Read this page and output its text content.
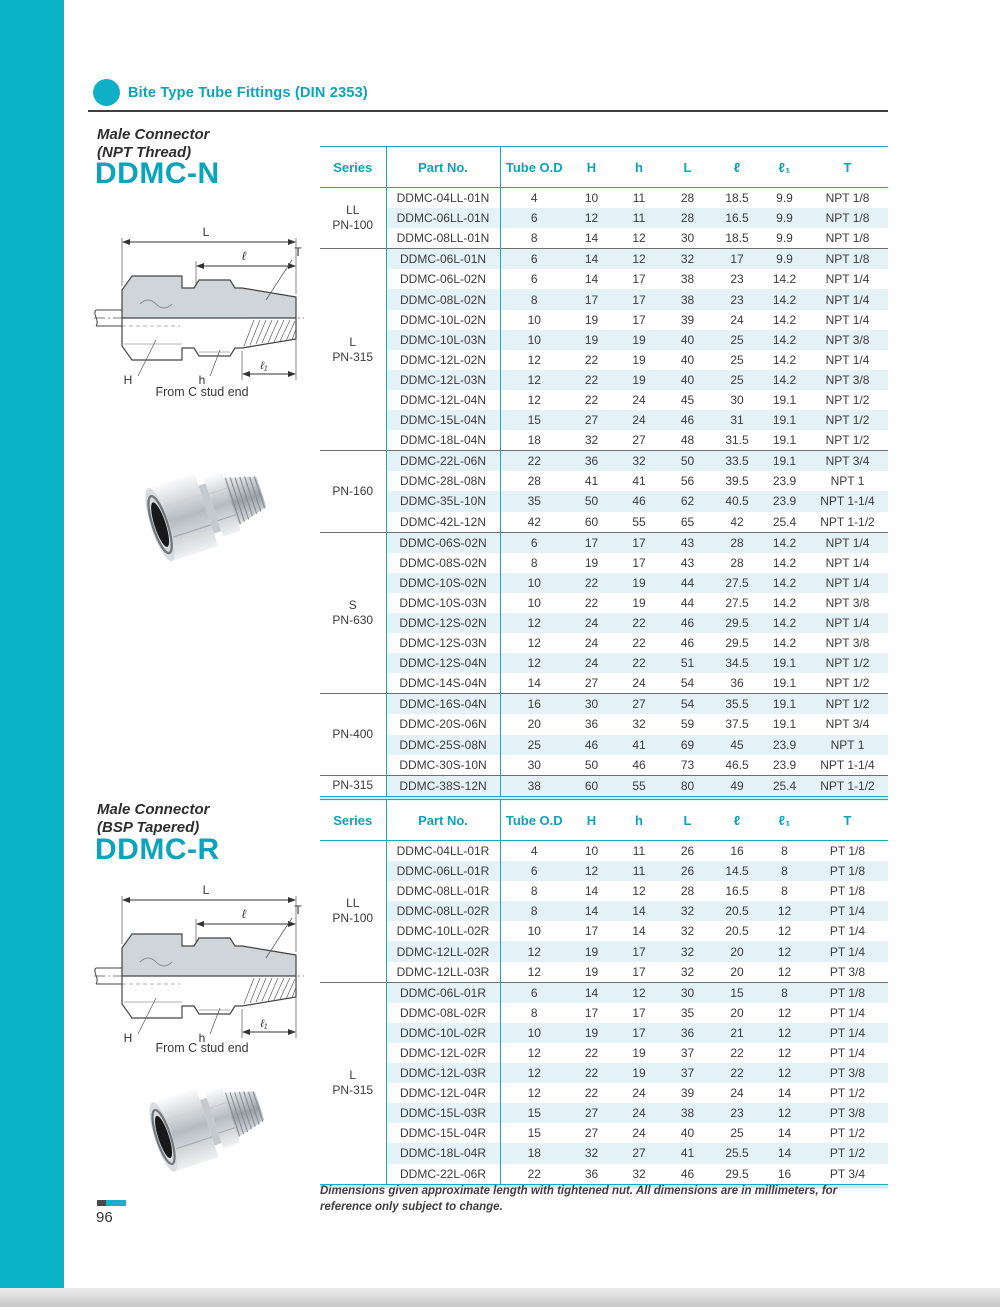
Bite Type Tube Fittings (DIN 2353)
Male Connector
(NPT Thread)
DDMC-N
L
ℓ
ℓ₁
T
H	h
From C stud end
Series	Part No.	Tube O.D	H	h	L	ℓ	ℓ₁	T
LL
PN-100	DDMC-04LL-01N	4	10	11	28	18.5	9.9	NPT 1/8
	DDMC-06LL-01N	6	12	11	28	16.5	9.9	NPT 1/8
	DDMC-08LL-01N	8	14	12	30	18.5	9.9	NPT 1/8
L
PN-315	DDMC-06L-01N	6	14	12	32	17	9.9	NPT 1/8
	DDMC-06L-02N	6	14	17	38	23	14.2	NPT 1/4
	DDMC-08L-02N	8	17	17	38	23	14.2	NPT 1/4
	DDMC-10L-02N	10	19	17	39	24	14.2	NPT 1/4
	DDMC-10L-03N	10	19	19	40	25	14.2	NPT 3/8
	DDMC-12L-02N	12	22	19	40	25	14.2	NPT 1/4
	DDMC-12L-03N	12	22	19	40	25	14.2	NPT 3/8
	DDMC-12L-04N	12	22	24	45	30	19.1	NPT 1/2
	DDMC-15L-04N	15	27	24	46	31	19.1	NPT 1/2
	DDMC-18L-04N	18	32	27	48	31.5	19.1	NPT 1/2
PN-160	DDMC-22L-06N	22	36	32	50	33.5	19.1	NPT 3/4
	DDMC-28L-08N	28	41	41	56	39.5	23.9	NPT 1
	DDMC-35L-10N	35	50	46	62	40.5	23.9	NPT 1-1/4
	DDMC-42L-12N	42	60	55	65	42	25.4	NPT 1-1/2
S
PN-630	DDMC-06S-02N	6	17	17	43	28	14.2	NPT 1/4
	DDMC-08S-02N	8	19	17	43	28	14.2	NPT 1/4
	DDMC-10S-02N	10	22	19	44	27.5	14.2	NPT 1/4
	DDMC-10S-03N	10	22	19	44	27.5	14.2	NPT 3/8
	DDMC-12S-02N	12	24	22	46	29.5	14.2	NPT 1/4
	DDMC-12S-03N	12	24	22	46	29.5	14.2	NPT 3/8
	DDMC-12S-04N	12	24	22	51	34.5	19.1	NPT 1/2
	DDMC-14S-04N	14	27	24	54	36	19.1	NPT 1/2
PN-400	DDMC-16S-04N	16	30	27	54	35.5	19.1	NPT 1/2
	DDMC-20S-06N	20	36	32	59	37.5	19.1	NPT 3/4
	DDMC-25S-08N	25	46	41	69	45	23.9	NPT 1
	DDMC-30S-10N	30	50	46	73	46.5	23.9	NPT 1-1/4
PN-315	DDMC-38S-12N	38	60	55	80	49	25.4	NPT 1-1/2
Male Connector
(BSP Tapered)
DDMC-R
L
ℓ
ℓ₁
T
H	h
From C stud end
Series	Part No.	Tube O.D	H	h	L	ℓ	ℓ₁	T
LL
PN-100	DDMC-04LL-01R	4	10	11	26	16	8	PT 1/8
	DDMC-06LL-01R	6	12	11	26	14.5	8	PT 1/8
	DDMC-08LL-01R	8	14	12	28	16.5	8	PT 1/8
	DDMC-08LL-02R	8	14	14	32	20.5	12	PT 1/4
	DDMC-10LL-02R	10	17	14	32	20.5	12	PT 1/4
	DDMC-12LL-02R	12	19	17	32	20	12	PT 1/4
	DDMC-12LL-03R	12	19	17	32	20	12	PT 3/8
L
PN-315	DDMC-06L-01R	6	14	12	30	15	8	PT 1/8
	DDMC-08L-02R	8	17	17	35	20	12	PT 1/4
	DDMC-10L-02R	10	19	17	36	21	12	PT 1/4
	DDMC-12L-02R	12	22	19	37	22	12	PT 1/4
	DDMC-12L-03R	12	22	19	37	22	12	PT 3/8
	DDMC-12L-04R	12	22	24	39	24	14	PT 1/2
	DDMC-15L-03R	15	27	24	38	23	12	PT 3/8
	DDMC-15L-04R	15	27	24	40	25	14	PT 1/2
	DDMC-18L-04R	18	32	27	41	25.5	14	PT 1/2
	DDMC-22L-06R	22	36	32	46	29.5	16	PT 3/4
Dimensions given approximate length with tightened nut. All dimensions are in millimeters, for reference only subject to change.
96
